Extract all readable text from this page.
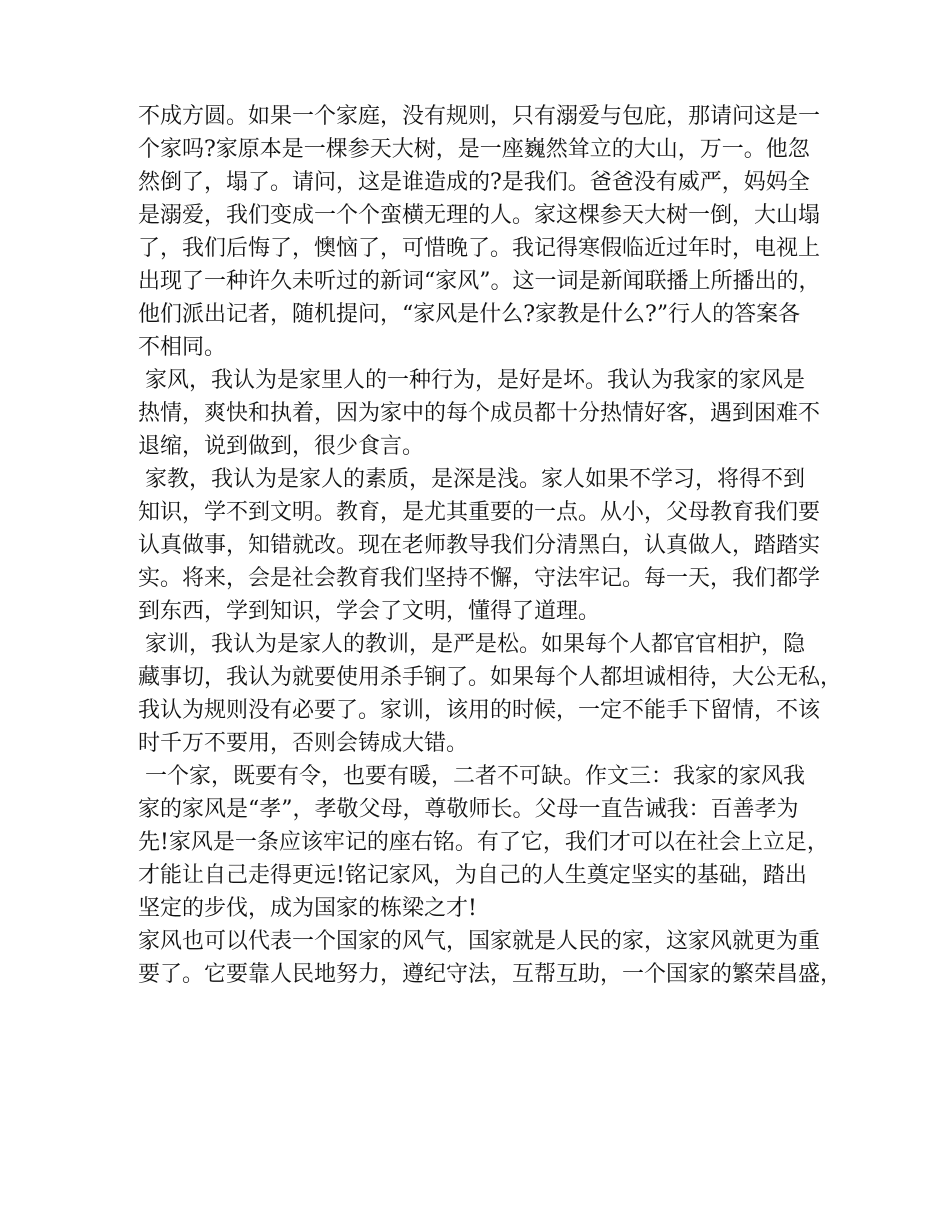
不成方圆。如果一个家庭，没有规则，只有溺爱与包庇，那请问这是一
个家吗?家原本是一棵参天大树，是一座巍然耸立的大山，万一。他忽
然倒了，塌了。请问，这是谁造成的?是我们。爸爸没有威严，妈妈全
是溺爱，我们变成一个个蛮横无理的人。家这棵参天大树一倒，大山塌
了，我们后悔了，懊恼了，可惜晚了。我记得寒假临近过年时，电视上
出现了一种许久未听过的新词“家风”。这一词是新闻联播上所播出的，
他们派出记者，随机提问，“家风是什么?家教是什么?”行人的答案各
不相同。
家风，我认为是家里人的一种行为，是好是坏。我认为我家的家风是
热情，爽快和执着，因为家中的每个成员都十分热情好客，遇到困难不
退缩，说到做到，很少食言。
家教，我认为是家人的素质，是深是浅。家人如果不学习，将得不到
知识，学不到文明。教育，是尤其重要的一点。从小，父母教育我们要
认真做事，知错就改。现在老师教导我们分清黑白，认真做人，踏踏实
实。将来，会是社会教育我们坚持不懈，守法牢记。每一天，我们都学
到东西，学到知识，学会了文明，懂得了道理。
家训，我认为是家人的教训，是严是松。如果每个人都官官相护，隐
藏事切，我认为就要使用杀手锏了。如果每个人都坦诚相待，大公无私，
我认为规则没有必要了。家训，该用的时候，一定不能手下留情，不该
时千万不要用，否则会铸成大错。
一个家，既要有令，也要有暖，二者不可缺。作文三：我家的家风我
家的家风是“孝”，孝敬父母，尊敬师长。父母一直告诫我：百善孝为
先!家风是一条应该牢记的座右铭。有了它，我们才可以在社会上立足，
才能让自己走得更远!铭记家风，为自己的人生奠定坚实的基础，踏出
坚定的步伐，成为国家的栋梁之才!
家风也可以代表一个国家的风气，国家就是人民的家，这家风就更为重
要了。它要靠人民地努力，遵纪守法，互帮互助，一个国家的繁荣昌盛，
